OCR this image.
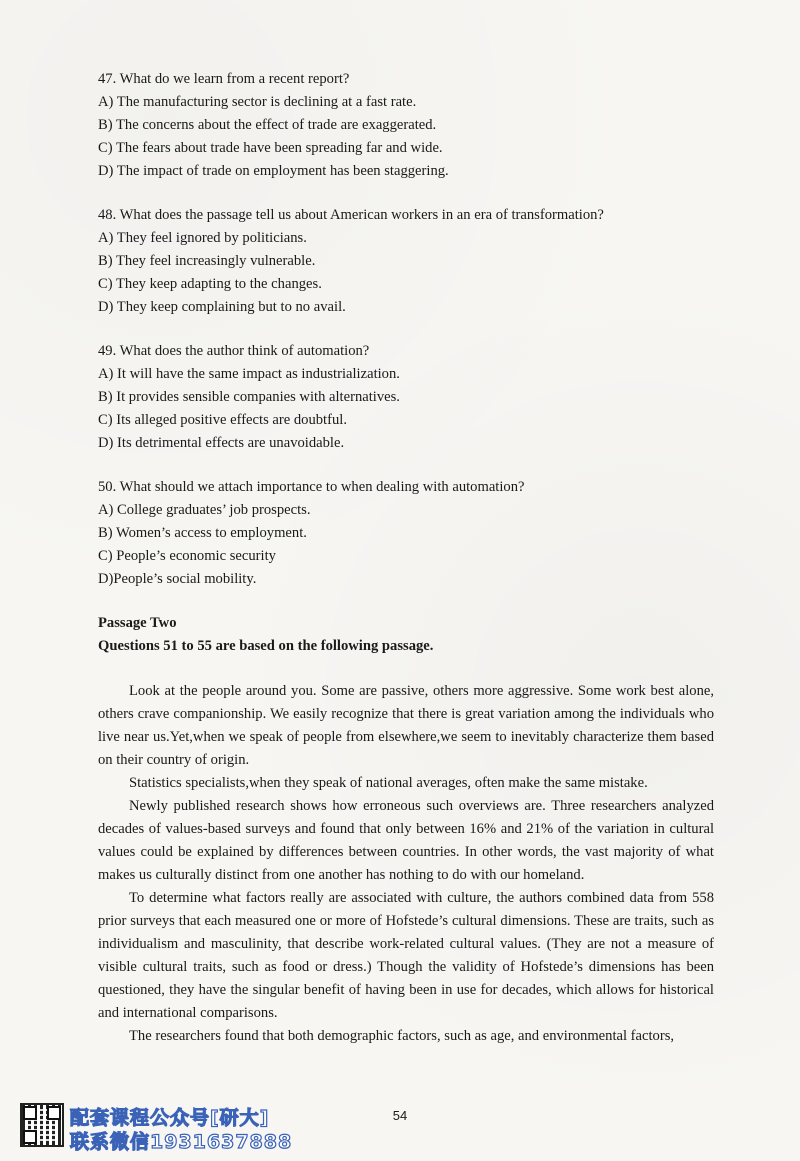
47. What do we learn from a recent report?
A) The manufacturing sector is declining at a fast rate.
B) The concerns about the effect of trade are exaggerated.
C) The fears about trade have been spreading far and wide.
D) The impact of trade on employment has been staggering.
48. What does the passage tell us about American workers in an era of transformation?
A) They feel ignored by politicians.
B) They feel increasingly vulnerable.
C) They keep adapting to the changes.
D) They keep complaining but to no avail.
49. What does the author think of automation?
A) It will have the same impact as industrialization.
B) It provides sensible companies with alternatives.
C) Its alleged positive effects are doubtful.
D) Its detrimental effects are unavoidable.
50. What should we attach importance to when dealing with automation?
A) College graduates’ job prospects.
B) Women’s access to employment.
C) People’s economic security
D)People’s social mobility.
Passage Two
Questions 51 to 55 are based on the following passage.

Look at the people around you. Some are passive, others more aggressive. Some work best alone, others crave companionship. We easily recognize that there is great variation among the individuals who live near us.Yet,when we speak of people from elsewhere,we seem to inevitably characterize them based on their country of origin.

Statistics specialists,when they speak of national averages, often make the same mistake.

Newly published research shows how erroneous such overviews are. Three researchers analyzed decades of values-based surveys and found that only between 16% and 21% of the variation in cultural values could be explained by differences between countries. In other words, the vast majority of what makes us culturally distinct from one another has nothing to do with our homeland.

To determine what factors really are associated with culture, the authors combined data from 558 prior surveys that each measured one or more of Hofstede’s cultural dimensions. These are traits, such as individualism and masculinity, that describe work-related cultural values. (They are not a measure of visible cultural traits, such as food or dress.) Though the validity of Hofstede’s dimensions has been questioned, they have the singular benefit of having been in use for decades, which allows for historical and international comparisons.

The researchers found that both demographic factors, such as age, and environmental factors,

54
配套课程公众号[研大]
联系微信1931637888
